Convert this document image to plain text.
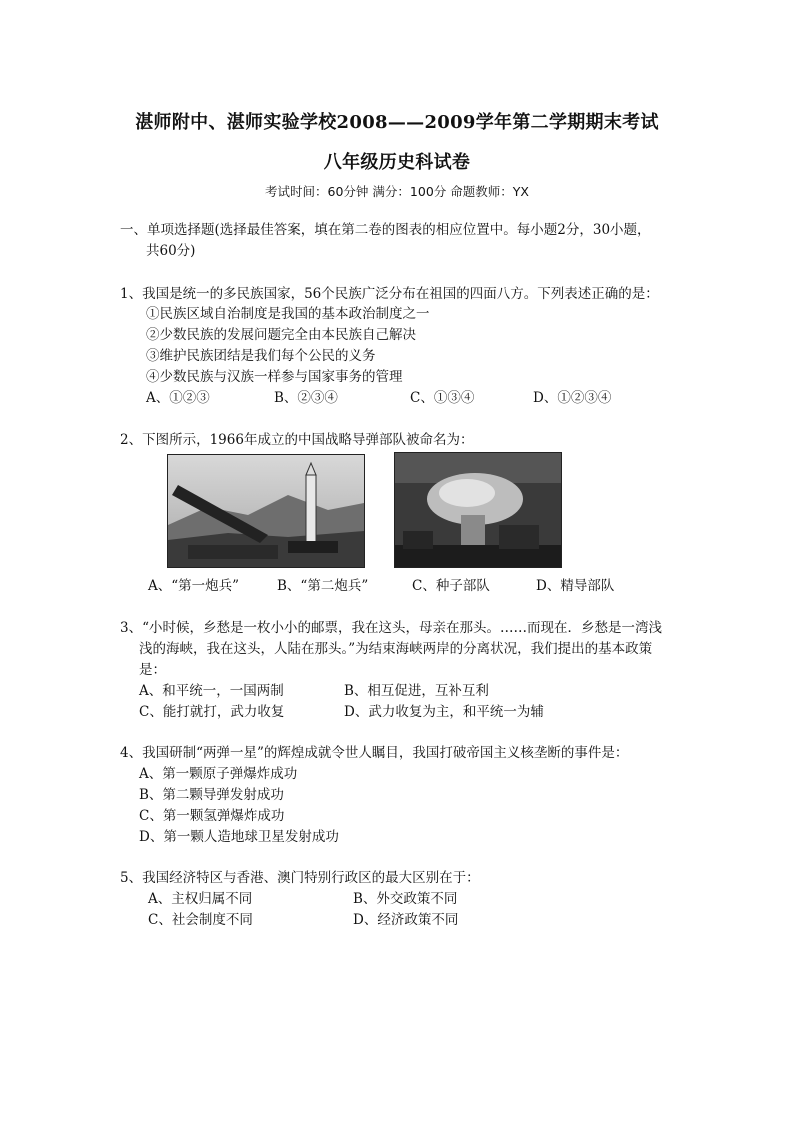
湛师附中、湛师实验学校2008——2009学年第二学期期末考试
八年级历史科试卷
考试时间：60分钟 满分：100分 命题教师：YX
一、单项选择题(选择最佳答案，填在第二卷的图表的相应位置中。每小题2分，30小题，
共60分)
1、我国是统一的多民族国家，56个民族广泛分布在祖国的四面八方。下列表述正确的是：
①民族区域自治制度是我国的基本政治制度之一
②少数民族的发展问题完全由本民族自己解决
③维护民族团结是我们每个公民的义务
④少数民族与汉族一样参与国家事务的管理
A、①②③	B、②③④	C、①③④	D、①②③④
2、下图所示，1966年成立的中国战略导弹部队被命名为：
A、“第一炮兵”	B、“第二炮兵”	C、种子部队	D、精导部队
3、“小时候，乡愁是一枚小小的邮票，我在这头，母亲在那头。……而现在．乡愁是一湾浅
浅的海峡，我在这头，人陆在那头。”为结束海峡两岸的分离状况，我们提出的基本政策
是：
A、和平统一，一国两制	B、相互促进，互补互利
C、能打就打，武力收复	D、武力收复为主，和平统一为辅
4、我国研制“两弹一星”的辉煌成就令世人瞩目，我国打破帝国主义核垄断的事件是：
A、第一颗原子弹爆炸成功
B、第二颗导弹发射成功
C、第一颗氢弹爆炸成功
D、第一颗人造地球卫星发射成功
5、我国经济特区与香港、澳门特别行政区的最大区别在于：
A、主权归属不同	B、外交政策不同
C、社会制度不同	D、经济政策不同
